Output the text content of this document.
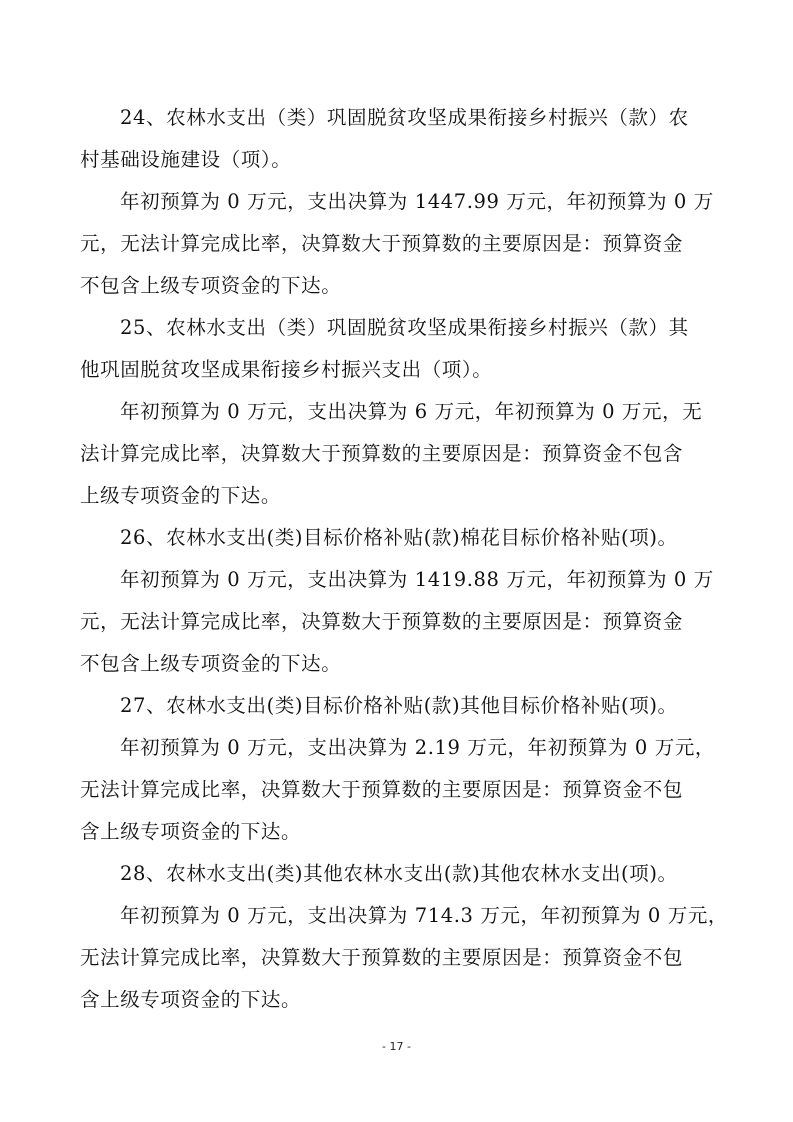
24、农林水支出（类）巩固脱贫攻坚成果衔接乡村振兴（款）农
村基础设施建设（项）。
年初预算为 0 万元，支出决算为 1447.99 万元，年初预算为 0 万
元，无法计算完成比率，决算数大于预算数的主要原因是：预算资金
不包含上级专项资金的下达。
25、农林水支出（类）巩固脱贫攻坚成果衔接乡村振兴（款）其
他巩固脱贫攻坚成果衔接乡村振兴支出（项）。
年初预算为 0 万元，支出决算为 6 万元，年初预算为 0 万元，无
法计算完成比率，决算数大于预算数的主要原因是：预算资金不包含
上级专项资金的下达。
26、农林水支出(类)目标价格补贴(款)棉花目标价格补贴(项)。
年初预算为 0 万元，支出决算为 1419.88 万元，年初预算为 0 万
元，无法计算完成比率，决算数大于预算数的主要原因是：预算资金
不包含上级专项资金的下达。
27、农林水支出(类)目标价格补贴(款)其他目标价格补贴(项)。
年初预算为 0 万元，支出决算为 2.19 万元，年初预算为 0 万元，
无法计算完成比率，决算数大于预算数的主要原因是：预算资金不包
含上级专项资金的下达。
28、农林水支出(类)其他农林水支出(款)其他农林水支出(项)。
年初预算为 0 万元，支出决算为 714.3 万元，年初预算为 0 万元，
无法计算完成比率，决算数大于预算数的主要原因是：预算资金不包
含上级专项资金的下达。
- 17 -
